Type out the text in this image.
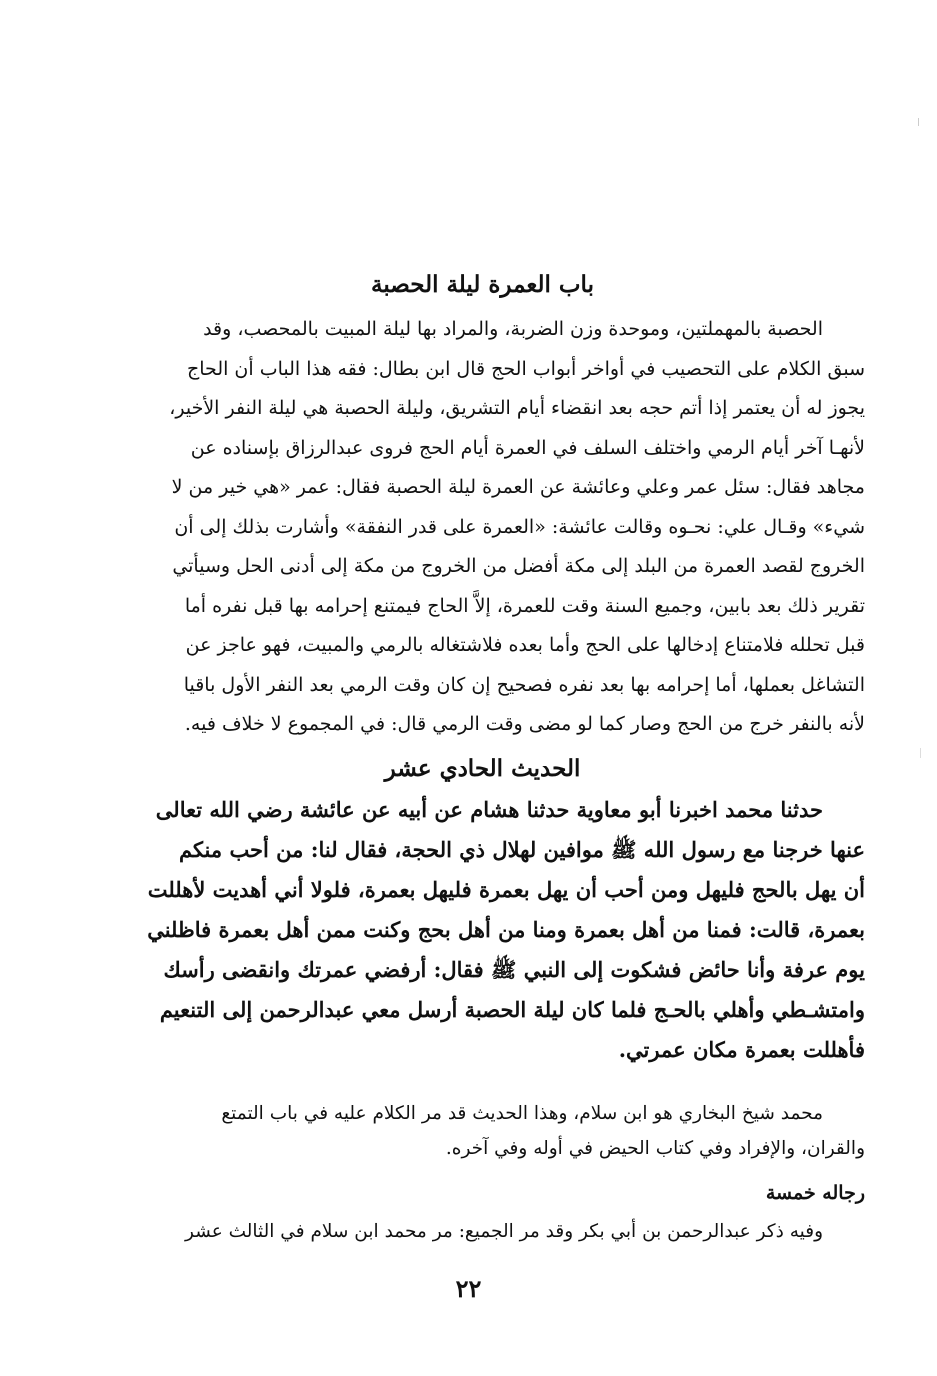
باب العمرة ليلة الحصبة

الحصبة بالمهملتين، وموحدة وزن الضربة، والمراد بها ليلة المبيت بالمحصب، وقد

سبق الكلام على التحصيب في أواخر أبواب الحج قال ابن بطال: فقه هذا الباب أن الحاج

يجوز له أن يعتمر إذا أتم حجه بعد انقضاء أيام التشريق، وليلة الحصبة هي ليلة النفر الأخير،

لأنهـا آخر أيام الرمي واختلف السلف في العمرة أيام الحج فروى عبدالرزاق بإسناده عن

مجاهد فقال: سئل عمر وعلي وعائشة عن العمرة ليلة الحصبة فقال: عمر «هي خير من لا

شيء» وقـال علي: نحـوه وقالت عائشة: «العمرة على قدر النفقة» وأشارت بذلك إلى أن

الخروج لقصد العمرة من البلد إلى مكة أفضل من الخروج من مكة إلى أدنى الحل وسيأتي

تقرير ذلك بعد بابين، وجميع السنة وقت للعمرة، إلاَّ الحاج فيمتنع إحرامه بها قبل نفره أما

قبل تحلله فلامتناع إدخالها على الحج وأما بعده فلاشتغاله بالرمي والمبيت، فهو عاجز عن

التشاغل بعملها، أما إحرامه بها بعد نفره فصحيح إن كان وقت الرمي بعد النفر الأول باقيا

لأنه بالنفر خرج من الحج وصار كما لو مضى وقت الرمي قال: في المجموع لا خلاف فيه.

الحديث الحادي عشر

حدثنا محمد اخبرنا أبو معاوية حدثنا هشام عن أبيه عن عائشة رضي الله تعالى

عنها خرجنا مع رسول الله ﷺ موافين لهلال ذي الحجة، فقال لنا: من أحب منكم

أن يهل بالحج فليهل ومن أحب أن يهل بعمرة فليهل بعمرة، فلولا أني أهديت لأهللت

بعمرة، قالت: فمنا من أهل بعمرة ومنا من أهل بحج وكنت ممن أهل بعمرة فاظلني

يوم عرفة وأنا حائض فشكوت إلى النبي ﷺ فقال: أرفضي عمرتك وانقضى رأسك

وامتشـطي وأهلي بالحـج فلما كان ليلة الحصبة أرسل معي عبدالرحمن إلى التنعيم

فأهللت بعمرة مكان عمرتي.

محمد شيخ البخاري هو ابن سلام، وهذا الحديث قد مر الكلام عليه في باب التمتع

والقران، والإفراد وفي كتاب الحيض في أوله وفي آخره.

رجاله خمسة

وفيه ذكر عبدالرحمن بن أبي بكر وقد مر الجميع: مر محمد ابن سلام في الثالث عشر

٢٢
